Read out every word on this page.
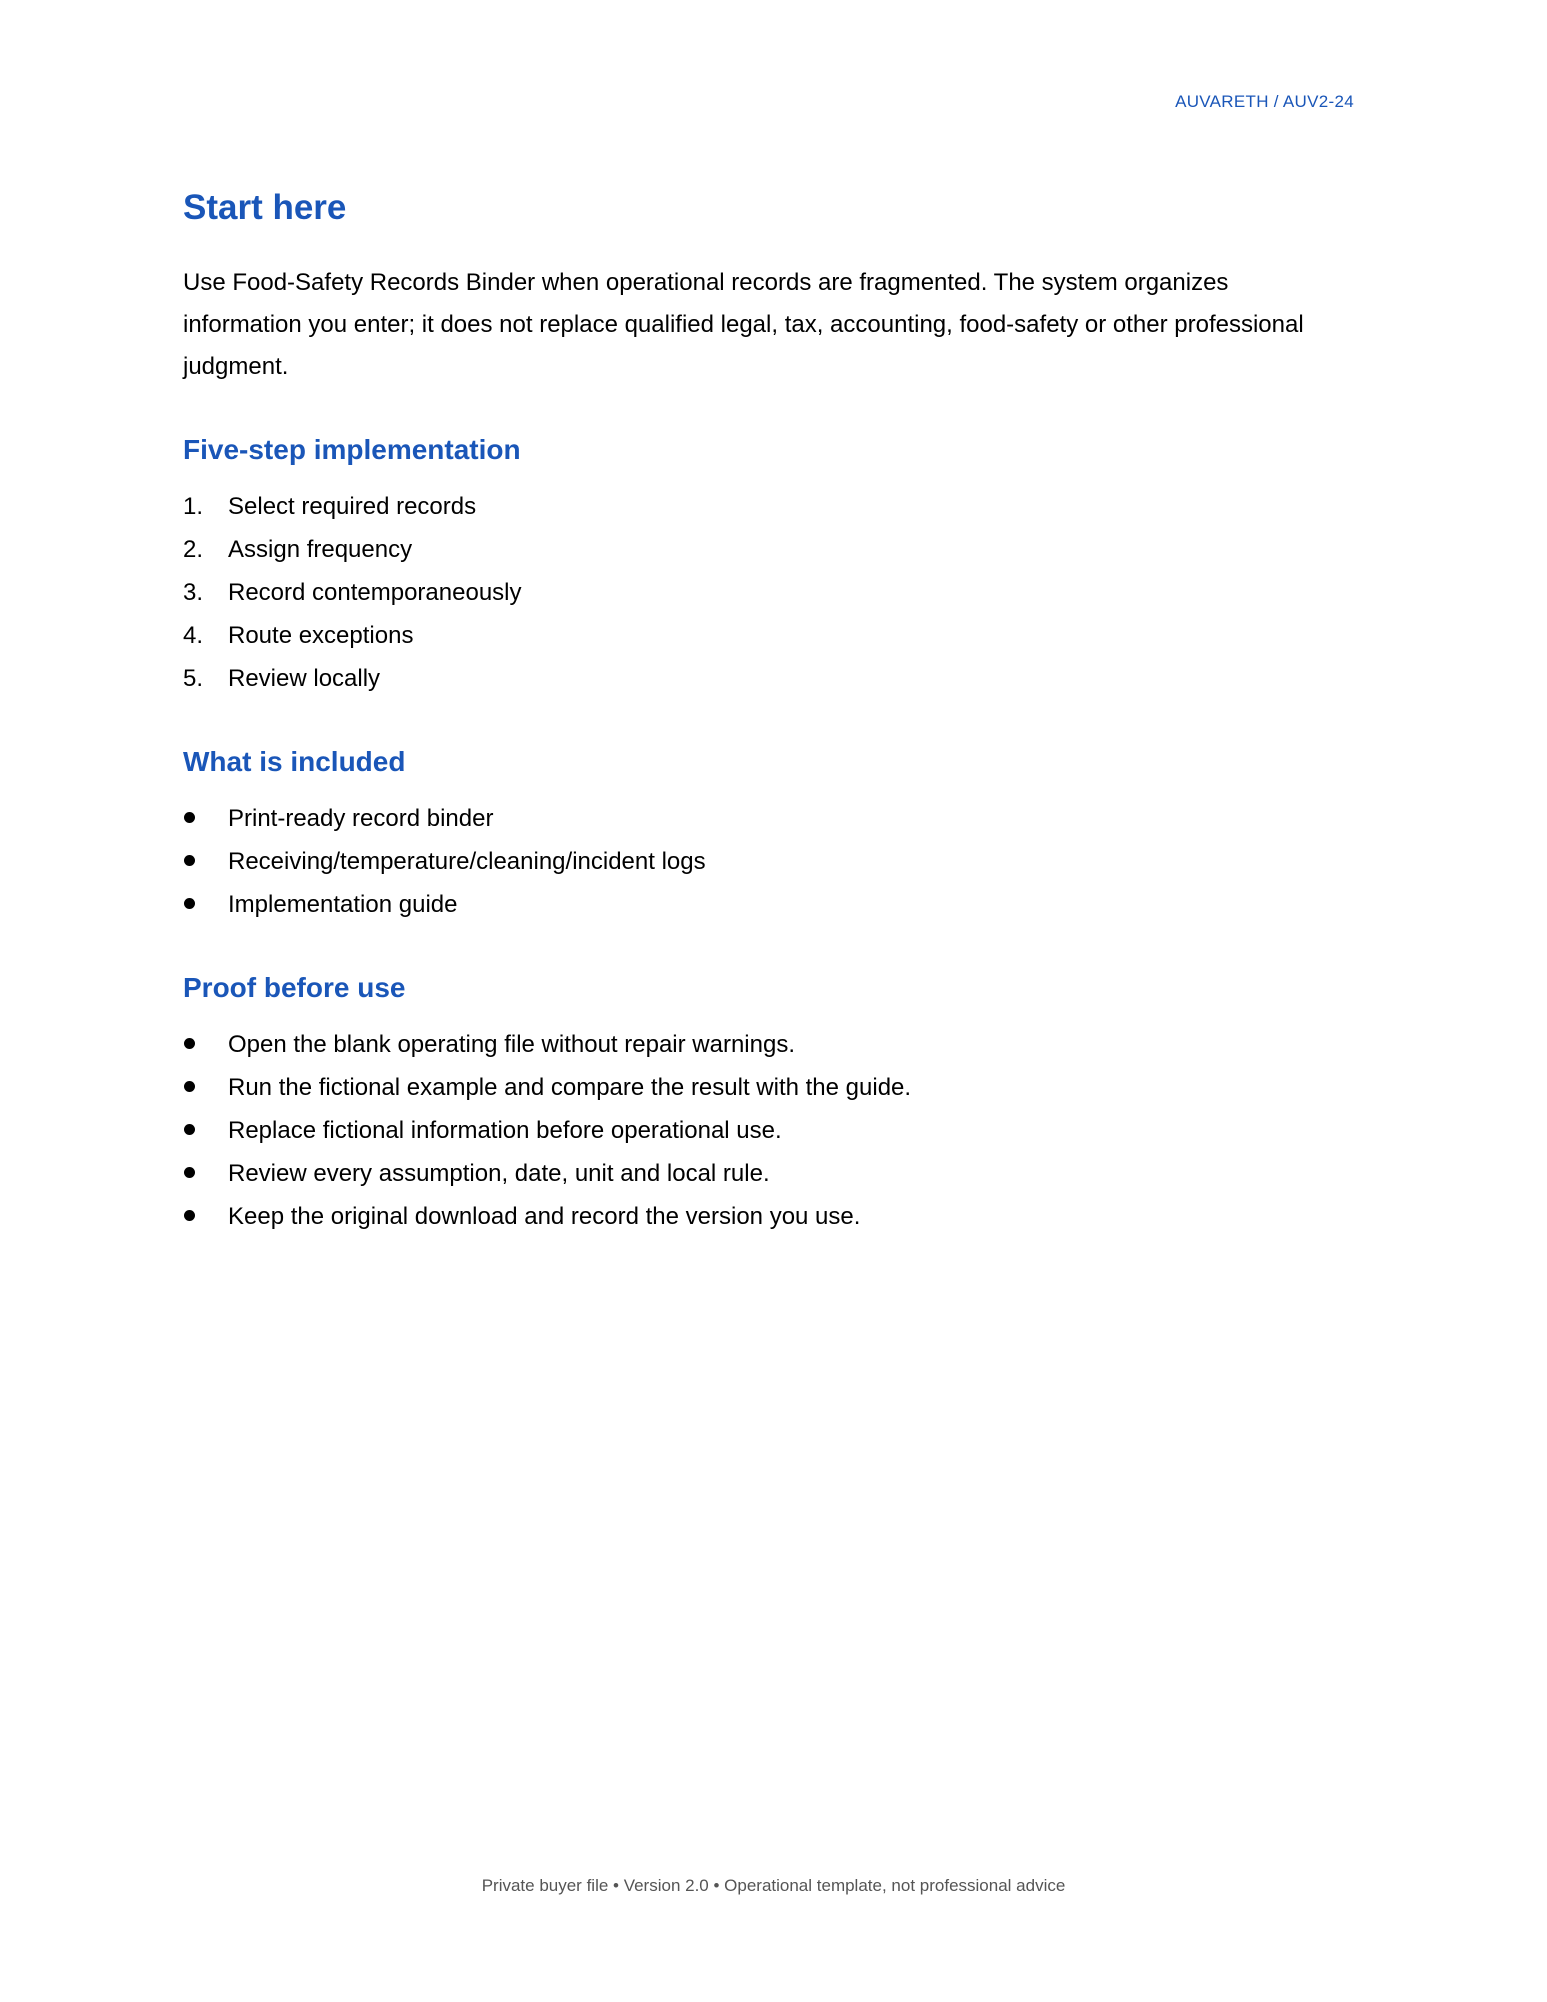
AUVARETH / AUV2-24
Start here

Use Food-Safety Records Binder when operational records are fragmented. The system organizes information you enter; it does not replace qualified legal, tax, accounting, food-safety or other professional judgment.

Five-step implementation
1.	Select required records
2.	Assign frequency
3.	Record contemporaneously
4.	Route exceptions
5.	Review locally
What is included
Print-ready record binder
Receiving/temperature/cleaning/incident logs
Implementation guide
Proof before use
Open the blank operating file without repair warnings.
Run the fictional example and compare the result with the guide.
Replace fictional information before operational use.
Review every assumption, date, unit and local rule.
Keep the original download and record the version you use.
Private buyer file • Version 2.0 • Operational template, not professional advice
